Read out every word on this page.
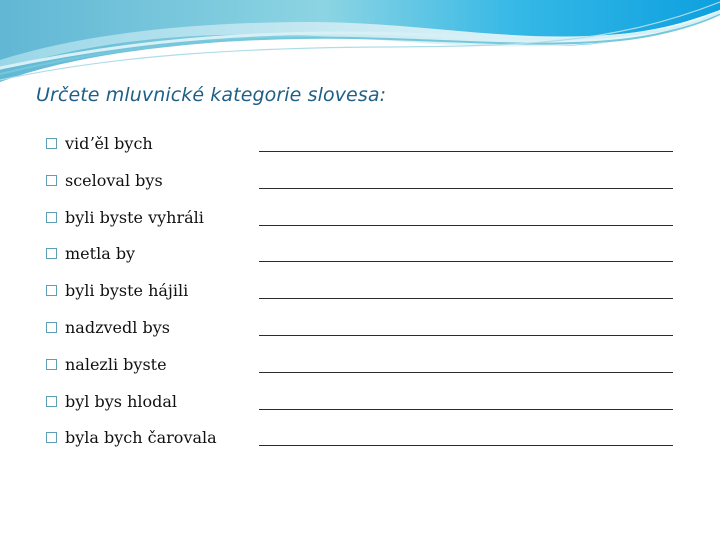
Určete mluvnické kategorie slovesa:
vidʼěl bych
sceloval bys
byli byste vyhráli
metla by
byli byste hájili
nadzvedl bys
nalezli byste
byl bys hlodal
byla bych čarovala
